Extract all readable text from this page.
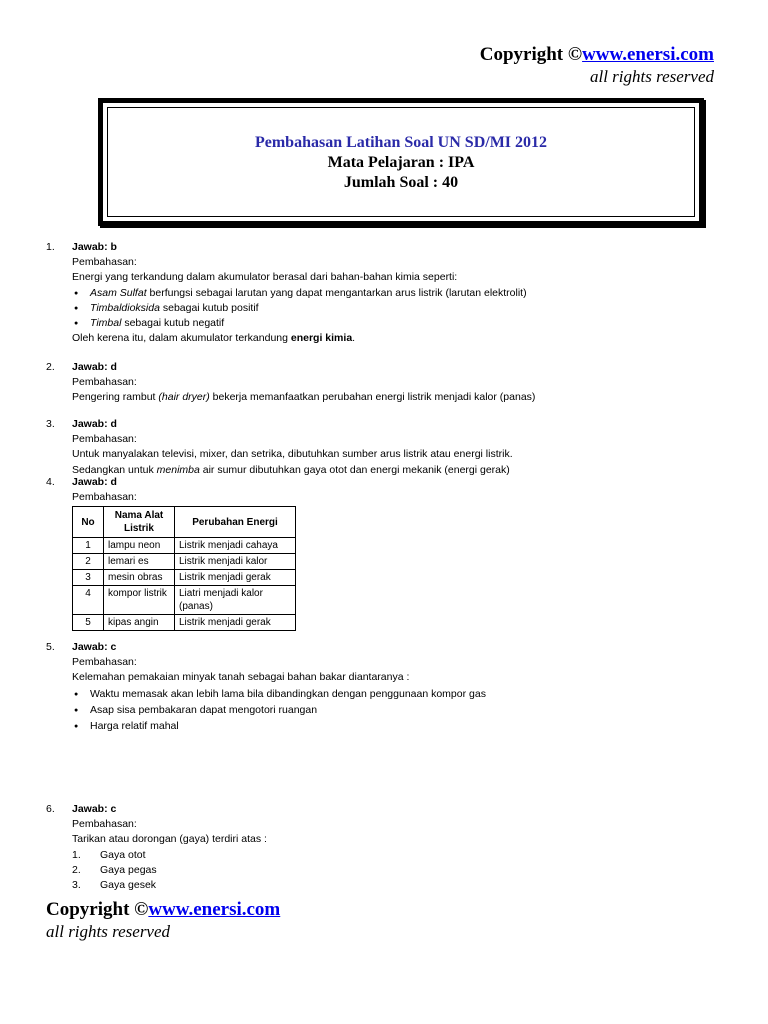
Copyright ©www.enersi.com
all rights reserved
Pembahasan Latihan Soal UN SD/MI 2012
Mata Pelajaran : IPA
Jumlah Soal : 40
1. Jawab: b
Pembahasan:
Energi yang terkandung dalam akumulator berasal dari bahan-bahan kimia seperti:
● Asam Sulfat berfungsi sebagai larutan yang dapat mengantarkan arus listrik (larutan elektrolit)
● Timbaldioksida sebagai kutub positif
● Timbal sebagai kutub negatif
Oleh kerena itu, dalam akumulator terkandung energi kimia.
2. Jawab: d
Pembahasan:
Pengering rambut (hair dryer) bekerja memanfaatkan perubahan energi listrik menjadi kalor (panas)
3. Jawab: d
Pembahasan:
Untuk manyalakan televisi, mixer, dan setrika, dibutuhkan sumber arus listrik atau energi listrik.
Sedangkan untuk menimba air sumur dibutuhkan gaya otot dan energi mekanik (energi gerak)
4. Jawab: d
Pembahasan:
No	Nama Alat Listrik	Perubahan Energi
1	lampu neon	Listrik menjadi cahaya
2	lemari es	Listrik menjadi kalor
3	mesin obras	Listrik menjadi gerak
4	kompor listrik	Liatri menjadi kalor (panas)
5	kipas angin	Listrik menjadi gerak
5. Jawab: c
Pembahasan:
Kelemahan pemakaian minyak tanah sebagai bahan bakar diantaranya :
● Waktu memasak akan lebih lama bila dibandingkan dengan penggunaan kompor gas
● Asap sisa pembakaran dapat mengotori ruangan
● Harga relatif mahal
6. Jawab: c
Pembahasan:
Tarikan atau dorongan (gaya) terdiri atas :
1. Gaya otot
2. Gaya pegas
3. Gaya gesek
Copyright ©www.enersi.com
all rights reserved
